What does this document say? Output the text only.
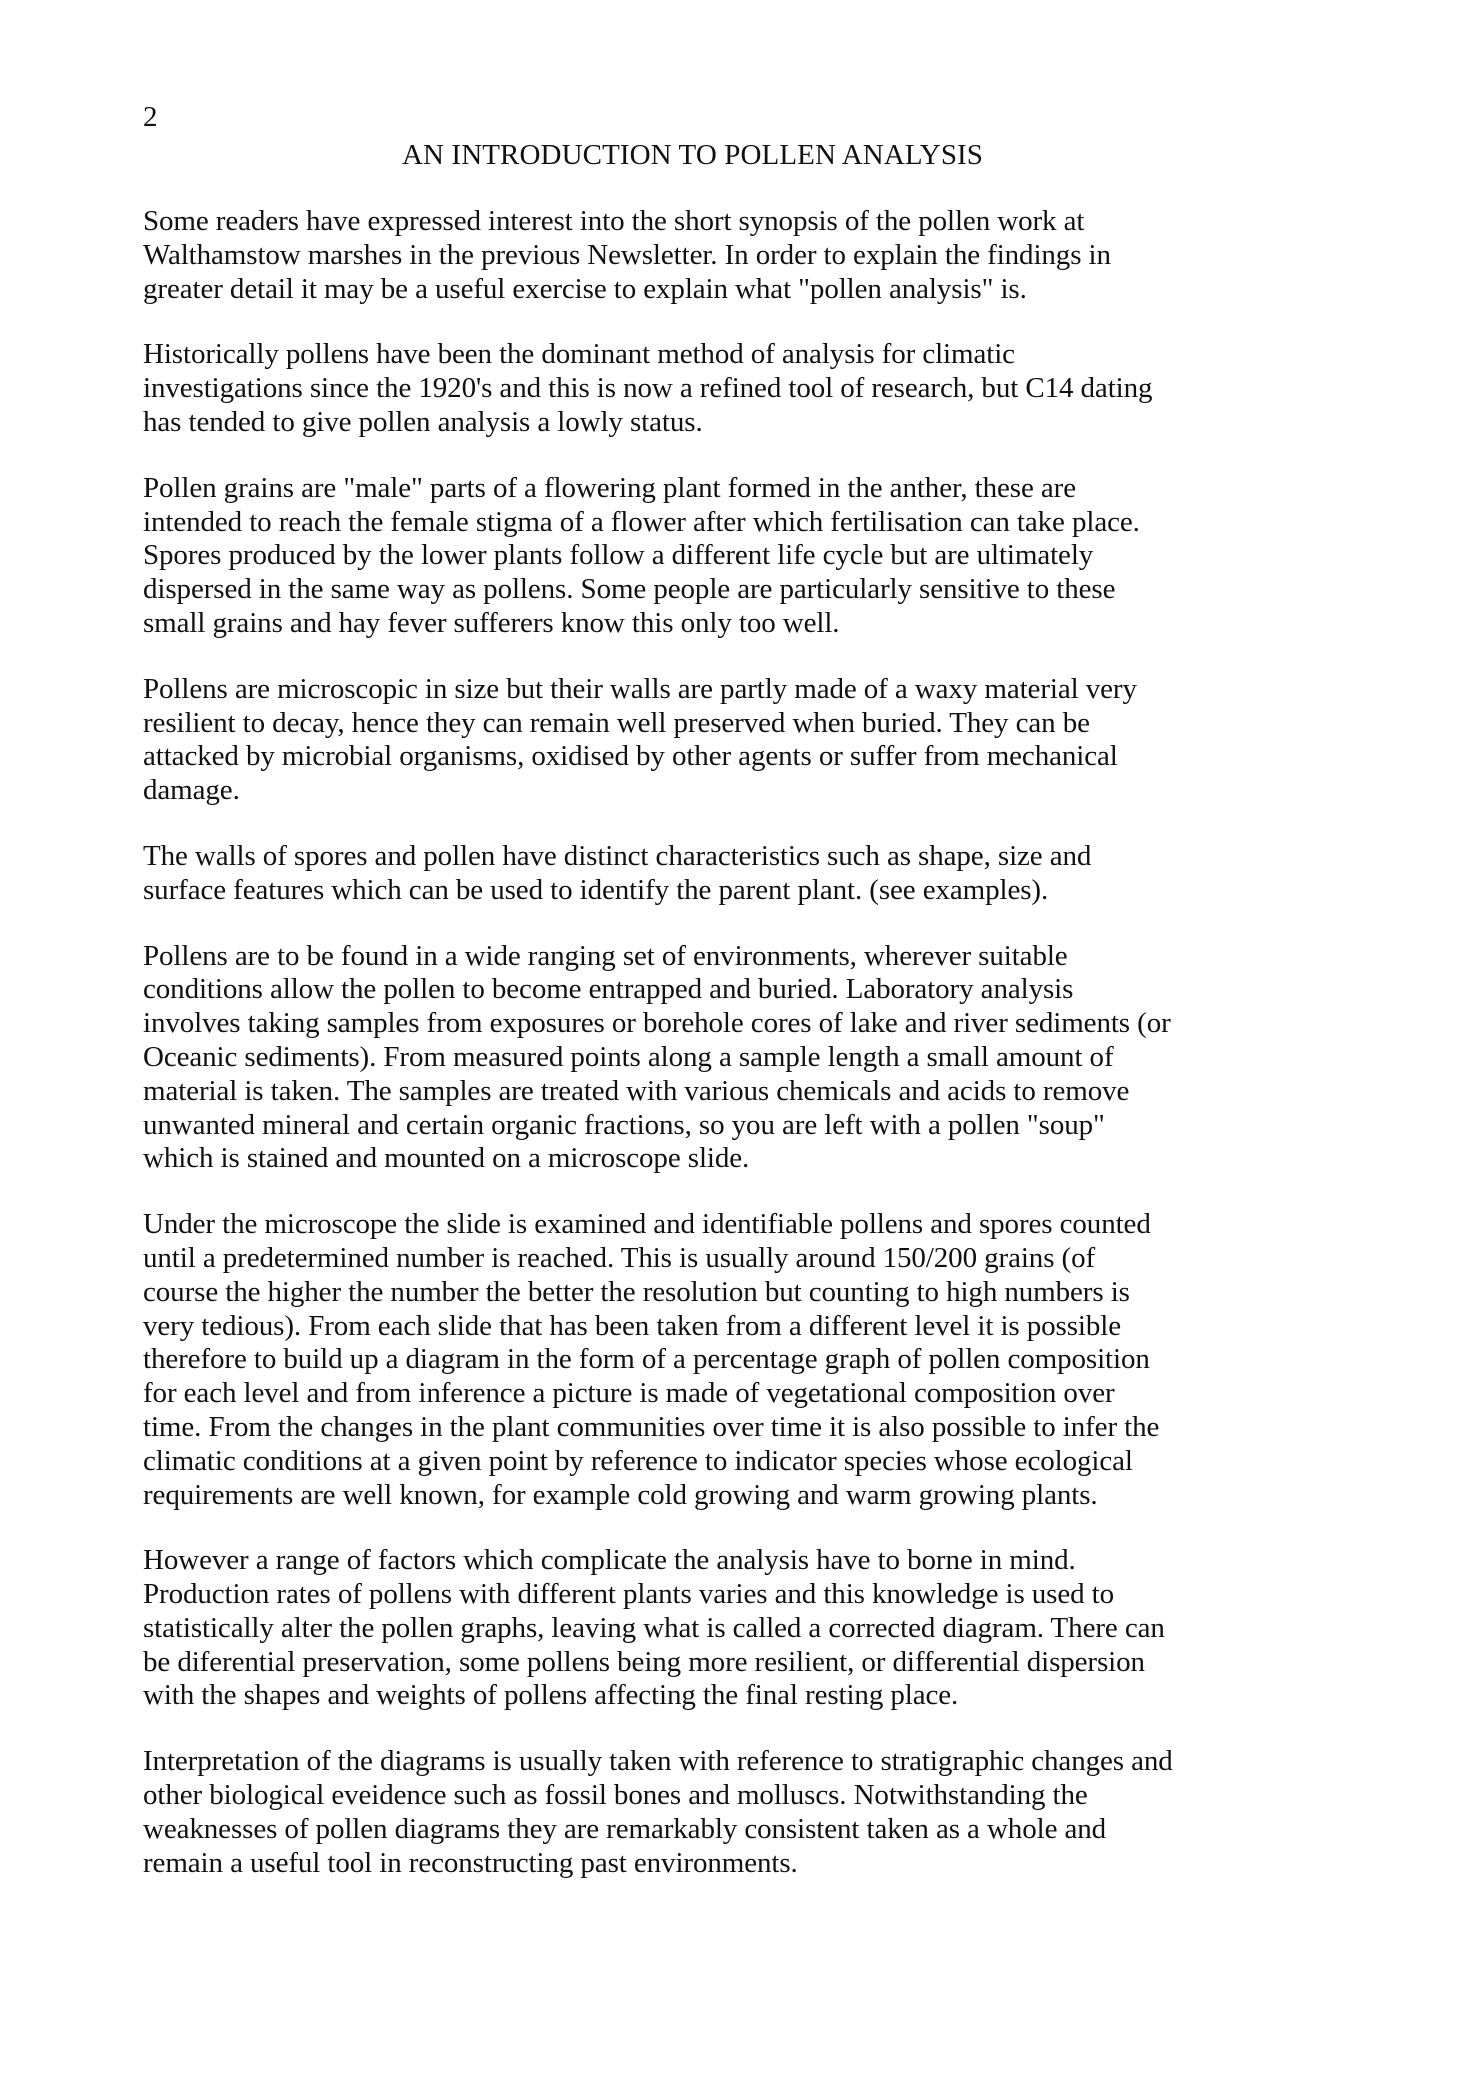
2
AN INTRODUCTION TO POLLEN ANALYSIS

Some readers have expressed interest into the short synopsis of the pollen work at
Walthamstow marshes in the previous Newsletter. In order to explain the findings in
greater detail it may be a useful exercise to explain what "pollen analysis" is.

Historically pollens have been the dominant method of analysis for climatic
investigations since the 1920's and this is now a refined tool of research, but C14 dating
has tended to give pollen analysis a lowly status.

Pollen grains are "male" parts of a flowering plant formed in the anther, these are
intended to reach the female stigma of a flower after which fertilisation can take place.
Spores produced by the lower plants follow a different life cycle but are ultimately
dispersed in the same way as pollens. Some people are particularly sensitive to these
small grains and hay fever sufferers know this only too well.

Pollens are microscopic in size but their walls are partly made of a waxy material very
resilient to decay, hence they can remain well preserved when buried. They can be
attacked by microbial organisms, oxidised by other agents or suffer from mechanical
damage.

The walls of spores and pollen have distinct characteristics such as shape, size and
surface features which can be used to identify the parent plant. (see examples).

Pollens are to be found in a wide ranging set of environments, wherever suitable
conditions allow the pollen to become entrapped and buried. Laboratory analysis
involves taking samples from exposures or borehole cores of lake and river sediments (or
Oceanic sediments). From measured points along a sample length a small amount of
material is taken. The samples are treated with various chemicals and acids to remove
unwanted mineral and certain organic fractions, so you are left with a pollen "soup"
which is stained and mounted on a microscope slide.

Under the microscope the slide is examined and identifiable pollens and spores counted
until a predetermined number is reached. This is usually around 150/200 grains (of
course the higher the number the better the resolution but counting to high numbers is
very tedious). From each slide that has been taken from a different level it is possible
therefore to build up a diagram in the form of a percentage graph of pollen composition
for each level and from inference a picture is made of vegetational composition over
time. From the changes in the plant communities over time it is also possible to infer the
climatic conditions at a given point by reference to indicator species whose ecological
requirements are well known, for example cold growing and warm growing plants.

However a range of factors which complicate the analysis have to borne in mind.
Production rates of pollens with different plants varies and this knowledge is used to
statistically alter the pollen graphs, leaving what is called a corrected diagram. There can
be diferential preservation, some pollens being more resilient, or differential dispersion
with the shapes and weights of pollens affecting the final resting place.

Interpretation of the diagrams is usually taken with reference to stratigraphic changes and
other biological eveidence such as fossil bones and molluscs. Notwithstanding the
weaknesses of pollen diagrams they are remarkably consistent taken as a whole and
remain a useful tool in reconstructing past environments.
